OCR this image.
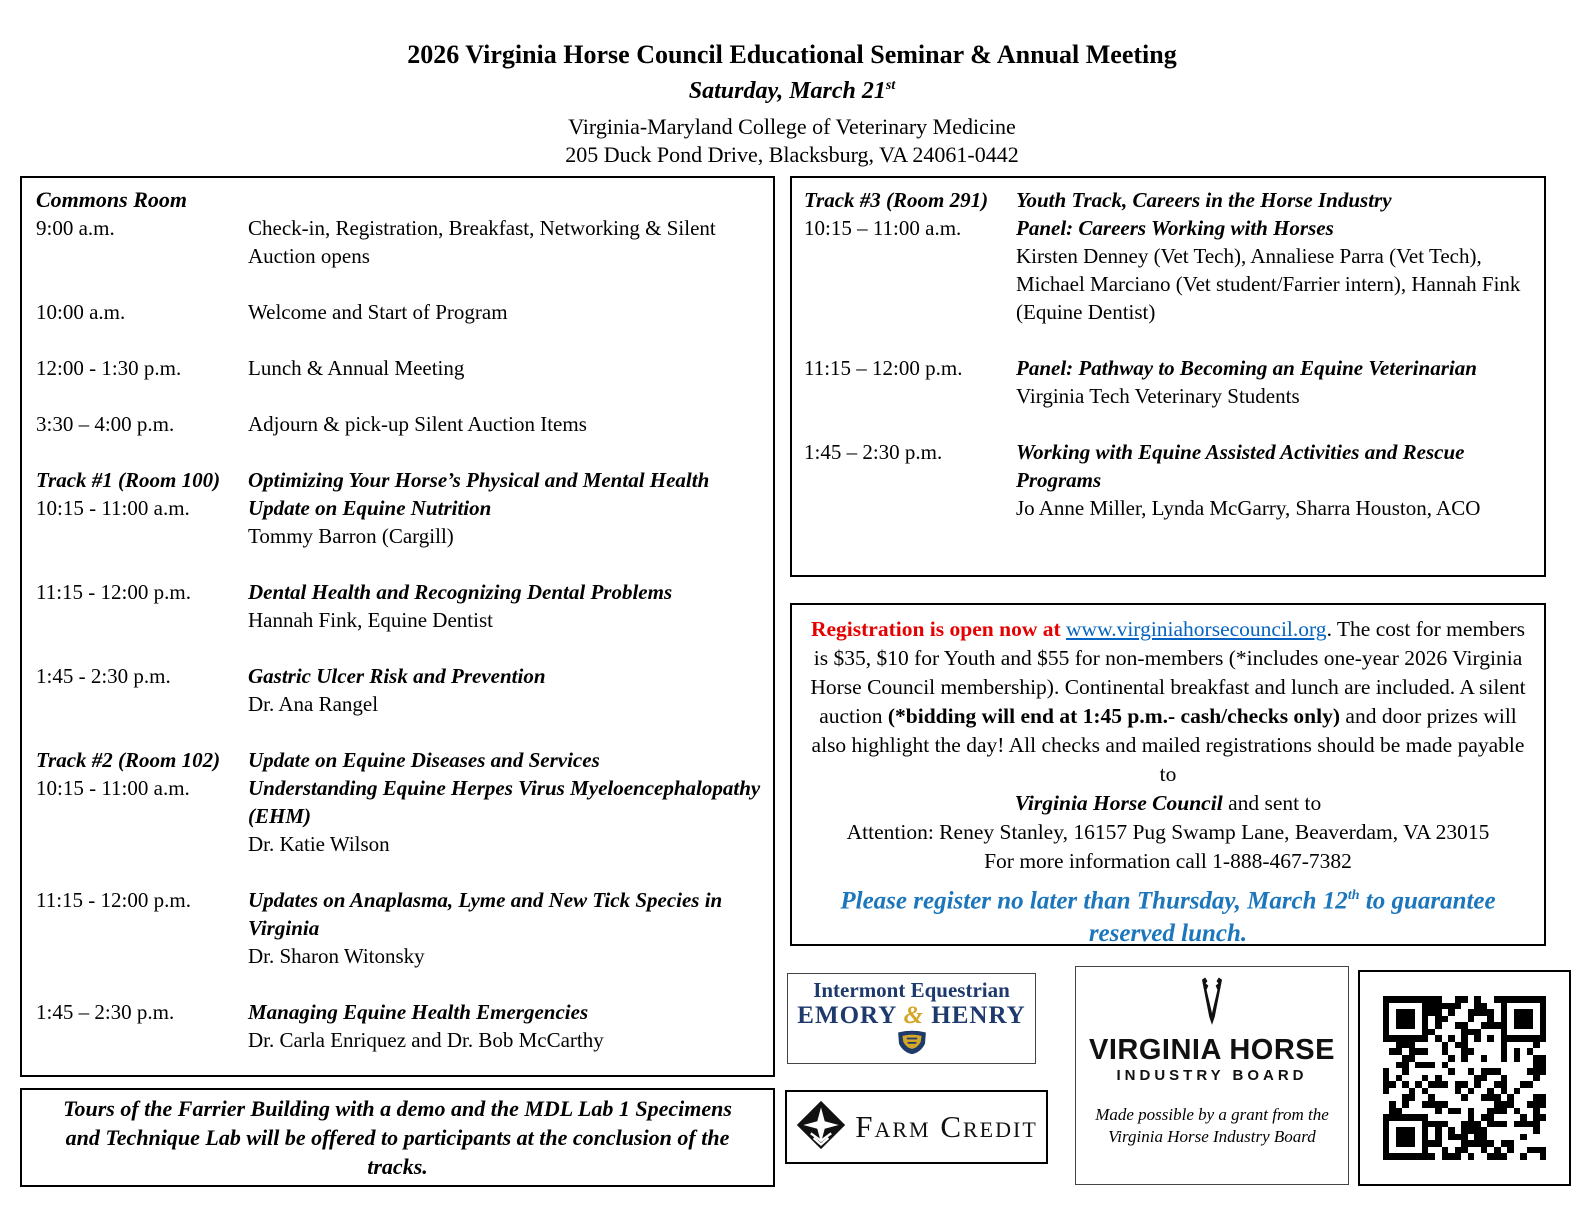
2026 Virginia Horse Council Educational Seminar & Annual Meeting
Saturday, March 21st
Virginia-Maryland College of Veterinary Medicine
205 Duck Pond Drive, Blacksburg, VA 24061-0442
Commons Room
9:00 a.m.	Check-in, Registration, Breakfast, Networking & Silent Auction opens
10:00 a.m.	Welcome and Start of Program
12:00 - 1:30 p.m.	Lunch & Annual Meeting
3:30 – 4:00 p.m.	Adjourn & pick-up Silent Auction Items
Track #1 (Room 100)	Optimizing Your Horse’s Physical and Mental Health
10:15 - 11:00 a.m.	Update on Equine Nutrition
Tommy Barron (Cargill)
11:15 - 12:00 p.m.	Dental Health and Recognizing Dental Problems
Hannah Fink, Equine Dentist
1:45 - 2:30 p.m.	Gastric Ulcer Risk and Prevention
Dr. Ana Rangel
Track #2 (Room 102)	Update on Equine Diseases and Services
10:15 - 11:00 a.m.	Understanding Equine Herpes Virus Myeloencephalopathy (EHM)
Dr. Katie Wilson
11:15 - 12:00 p.m.	Updates on Anaplasma, Lyme and New Tick Species in Virginia
Dr. Sharon Witonsky
1:45 – 2:30 p.m.	Managing Equine Health Emergencies
Dr. Carla Enriquez and Dr. Bob McCarthy
Track #3 (Room 291)	Youth Track, Careers in the Horse Industry
10:15 – 11:00 a.m.	Panel: Careers Working with Horses
Kirsten Denney (Vet Tech), Annaliese Parra (Vet Tech), Michael Marciano (Vet student/Farrier intern), Hannah Fink (Equine Dentist)
11:15 – 12:00 p.m.	Panel: Pathway to Becoming an Equine Veterinarian
Virginia Tech Veterinary Students
1:45 – 2:30 p.m.	Working with Equine Assisted Activities and Rescue Programs
Jo Anne Miller, Lynda McGarry, Sharra Houston, ACO
Registration is open now at www.virginiahorsecouncil.org. The cost for members is $35, $10 for Youth and $55 for non-members (*includes one-year 2026 Virginia Horse Council membership). Continental breakfast and lunch are included. A silent auction (*bidding will end at 1:45 p.m.- cash/checks only) and door prizes will also highlight the day! All checks and mailed registrations should be made payable to
Virginia Horse Council and sent to
Attention: Reney Stanley, 16157 Pug Swamp Lane, Beaverdam, VA 23015
For more information call 1-888-467-7382
Please register no later than Thursday, March 12th to guarantee reserved lunch.
Tours of the Farrier Building with a demo and the MDL Lab 1 Specimens and Technique Lab will be offered to participants at the conclusion of the tracks.
Intermont Equestrian
EMORY & HENRY
Farm Credit
VIRGINIA HORSE
INDUSTRY BOARD
Made possible by a grant from the
Virginia Horse Industry Board
